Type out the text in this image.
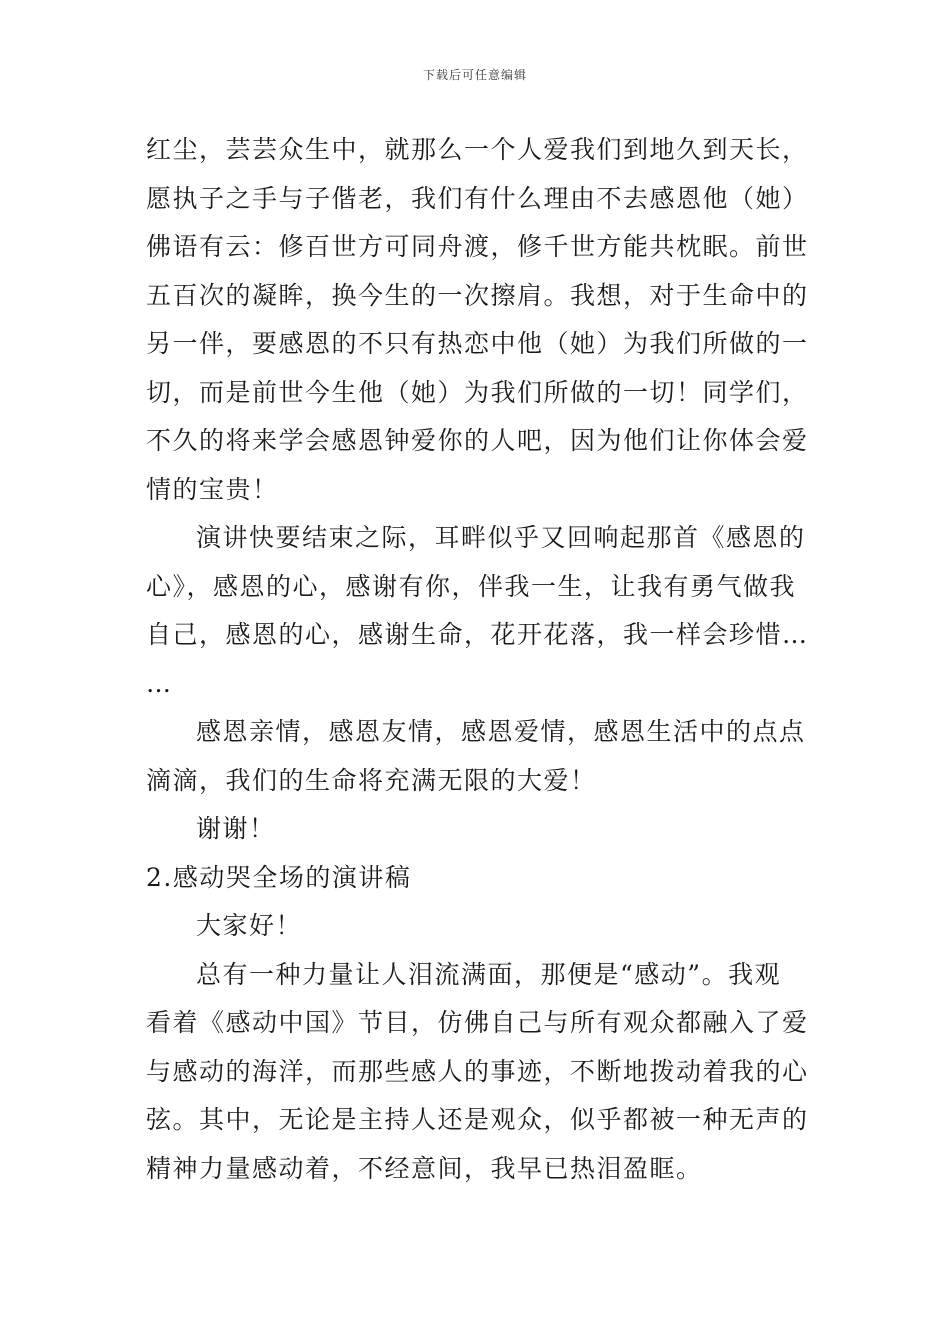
下载后可任意编辑
红尘，芸芸众生中，就那么一个人爱我们到地久到天长，
愿执子之手与子偕老，我们有什么理由不去感恩他（她）
佛语有云：修百世方可同舟渡，修千世方能共枕眠。前世
五百次的凝眸，换今生的一次擦肩。我想，对于生命中的
另一伴，要感恩的不只有热恋中他（她）为我们所做的一
切，而是前世今生他（她）为我们所做的一切！同学们，
不久的将来学会感恩钟爱你的人吧，因为他们让你体会爱
情的宝贵！
演讲快要结束之际，耳畔似乎又回响起那首《感恩的
心》，感恩的心，感谢有你，伴我一生，让我有勇气做我
自己，感恩的心，感谢生命，花开花落，我一样会珍惜…
…
感恩亲情，感恩友情，感恩爱情，感恩生活中的点点
滴滴，我们的生命将充满无限的大爱！
谢谢！
2.感动哭全场的演讲稿
大家好！
总有一种力量让人泪流满面，那便是“感动”。我观
看着《感动中国》节目，仿佛自己与所有观众都融入了爱
与感动的海洋，而那些感人的事迹，不断地拨动着我的心
弦。其中，无论是主持人还是观众，似乎都被一种无声的
精神力量感动着，不经意间，我早已热泪盈眶。
